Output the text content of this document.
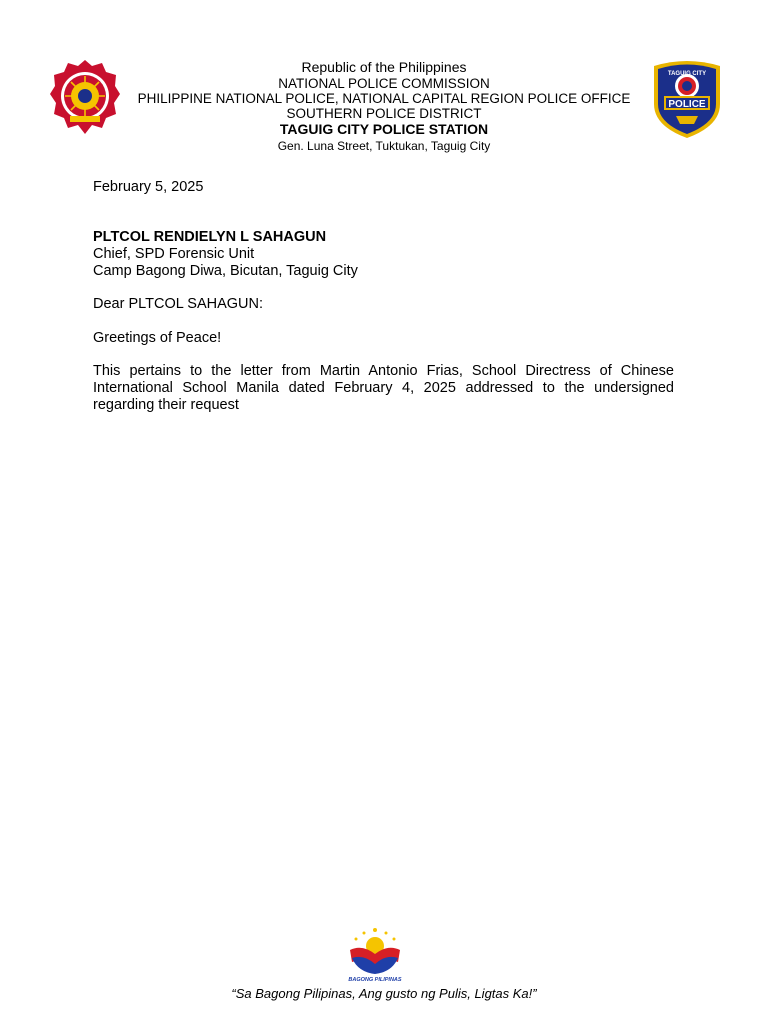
POLICE
TAGUIG CITY
Republic of the Philippines
NATIONAL POLICE COMMISSION
PHILIPPINE NATIONAL POLICE, NATIONAL CAPITAL REGION POLICE OFFICE
SOUTHERN POLICE DISTRICT
TAGUIG CITY POLICE STATION
Gen. Luna Street, Tuktukan, Taguig City
February 5, 2025
PLTCOL RENDIELYN L SAHAGUN
Chief, SPD Forensic Unit
Camp Bagong Diwa, Bicutan, Taguig City
Dear PLTCOL SAHAGUN:
Greetings of Peace!
This pertains to the letter from Martin Antonio Frias, School Directress of Chinese International School Manila dated February 4, 2025 addressed to the undersigned regarding their request
BAGONG PILIPINAS
“Sa Bagong Pilipinas, Ang gusto ng Pulis, Ligtas Ka!”
